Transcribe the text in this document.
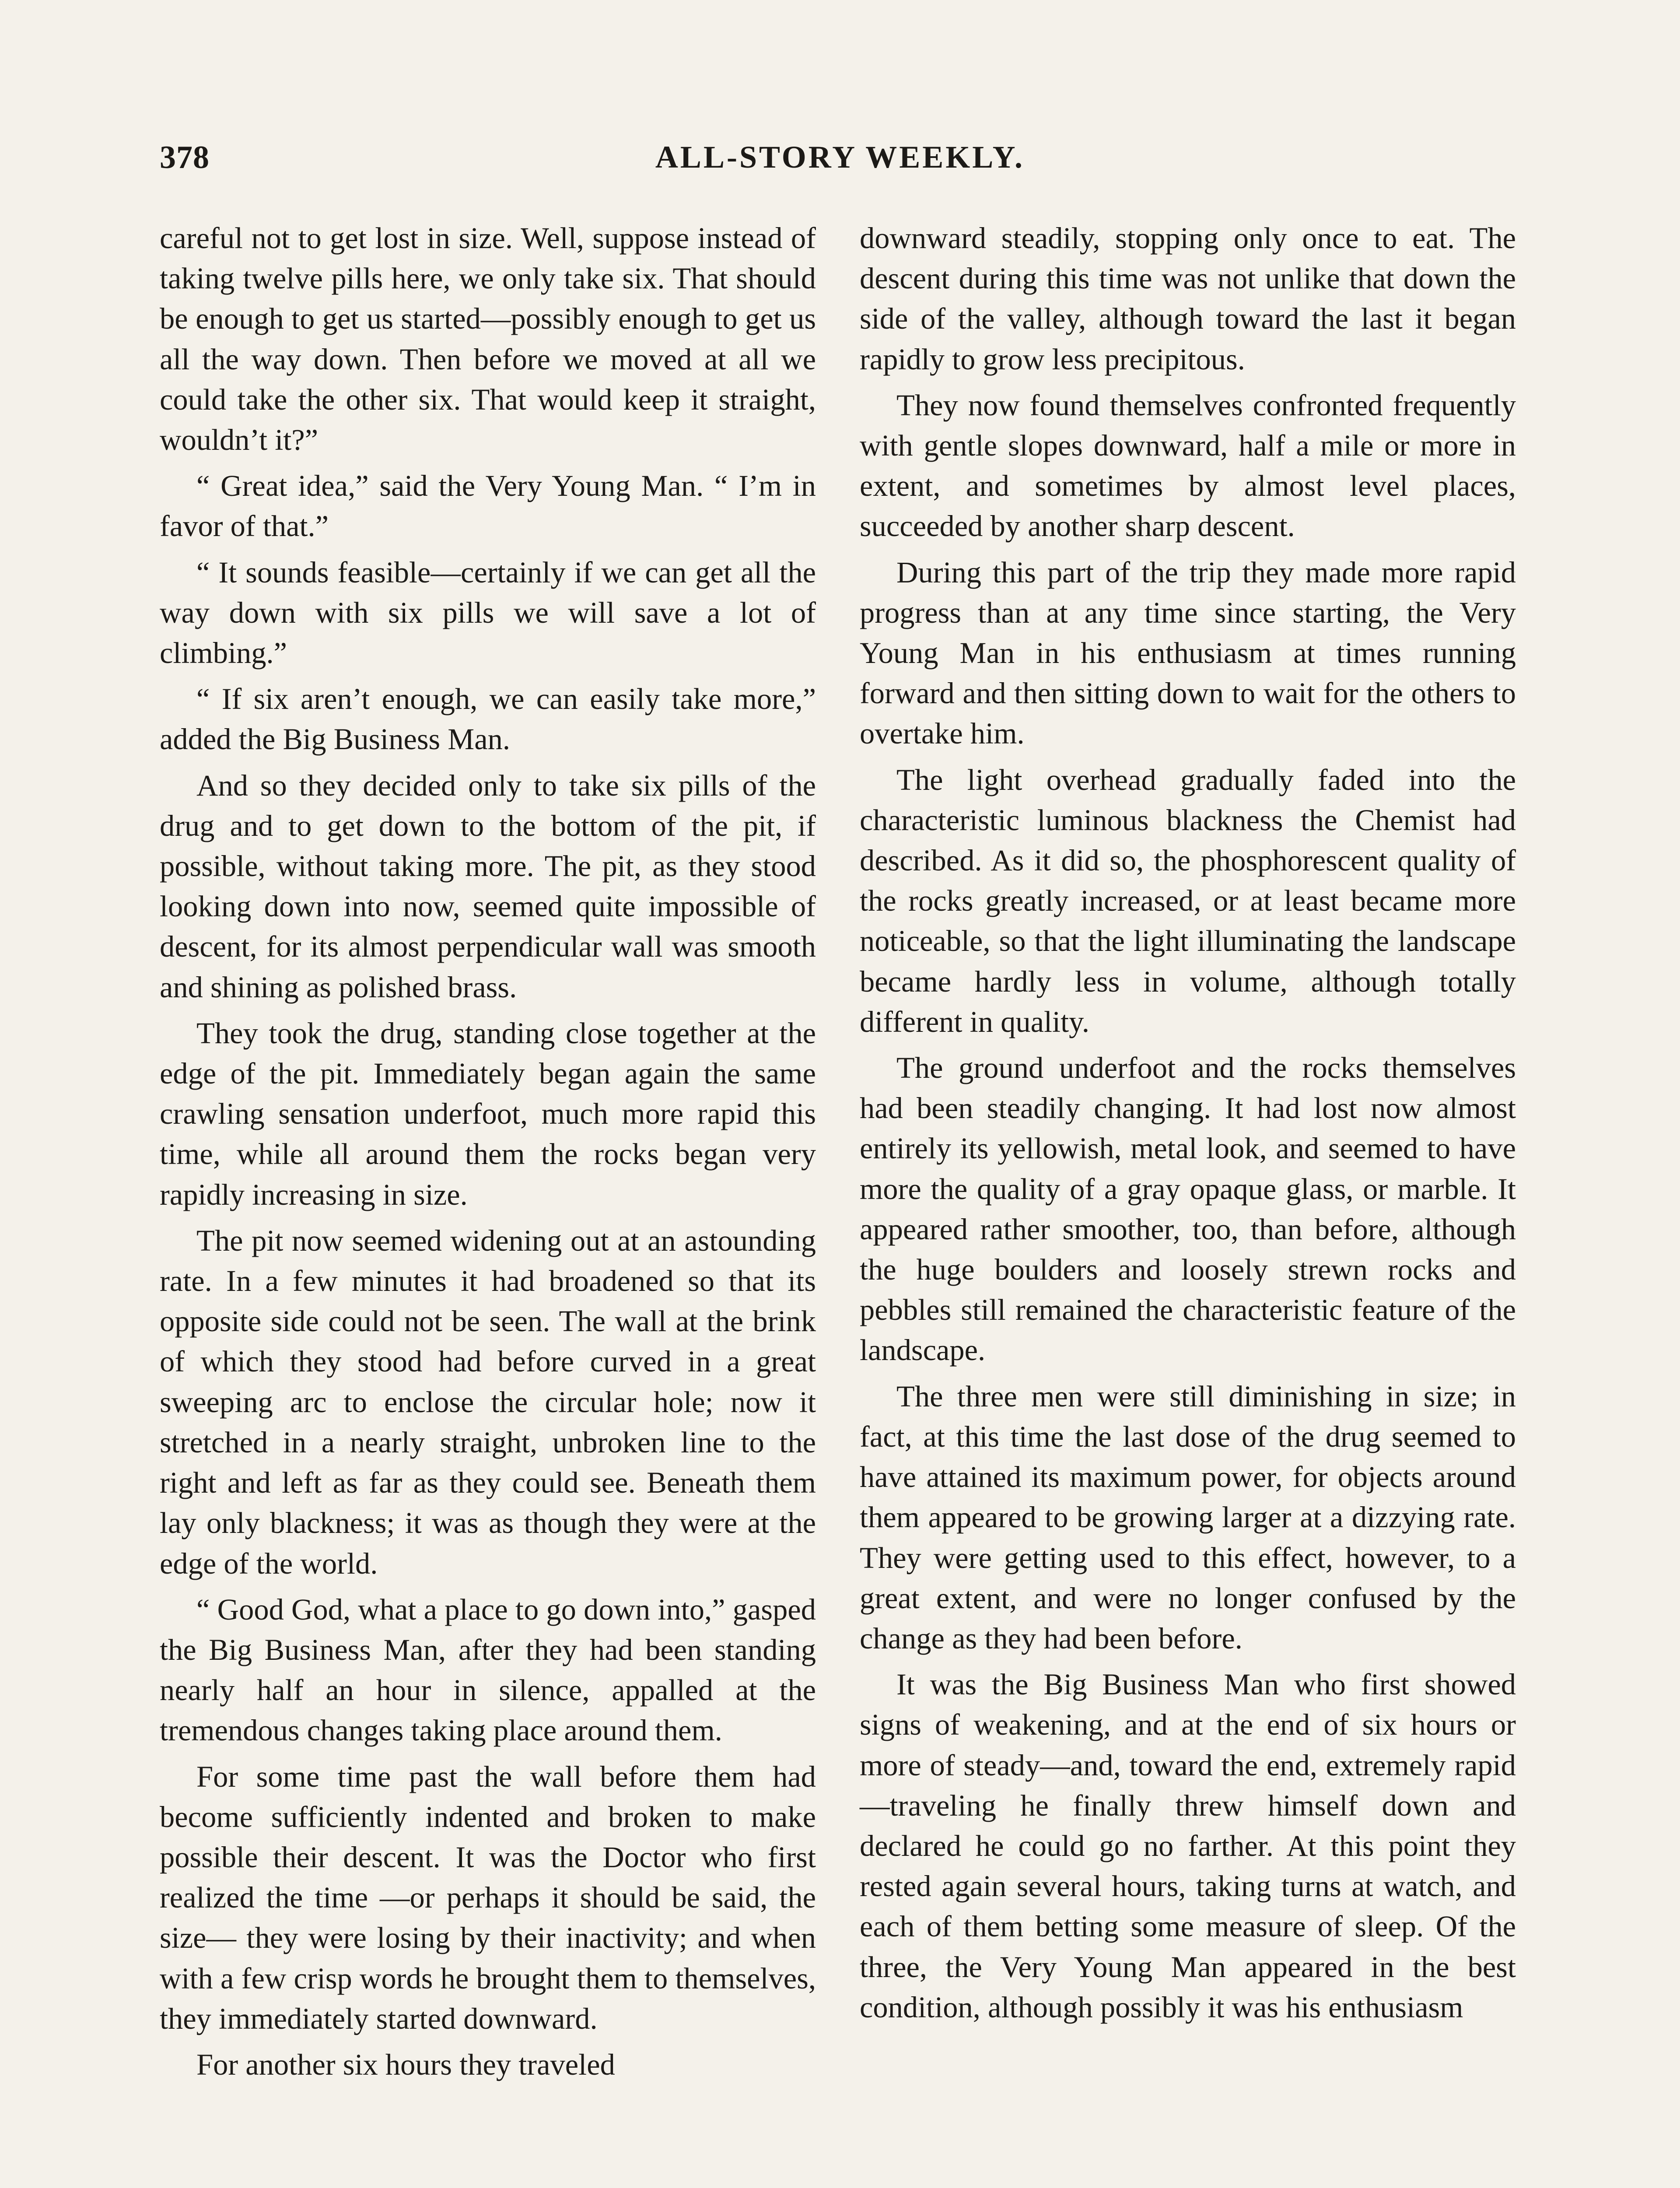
378	ALL-STORY WEEKLY.

careful not to get lost in size. Well, suppose instead of taking twelve pills here, we only take six. That should be enough to get us started—possibly enough to get us all the way down. Then before we moved at all we could take the other six. That would keep it straight, wouldn’t it?”

“ Great idea,” said the Very Young Man. “ I’m in favor of that.”

“ It sounds feasible—certainly if we can get all the way down with six pills we will save a lot of climbing.”

“ If six aren’t enough, we can easily take more,” added the Big Business Man.

And so they decided only to take six pills of the drug and to get down to the bottom of the pit, if possible, without taking more. The pit, as they stood looking down into now, seemed quite impossible of descent, for its almost perpendicular wall was smooth and shining as polished brass.

They took the drug, standing close together at the edge of the pit. Immediately began again the same crawling sensation underfoot, much more rapid this time, while all around them the rocks began very rapidly increasing in size.

The pit now seemed widening out at an astounding rate. In a few minutes it had broadened so that its opposite side could not be seen. The wall at the brink of which they stood had before curved in a great sweeping arc to enclose the circular hole; now it stretched in a nearly straight, unbroken line to the right and left as far as they could see. Beneath them lay only blackness; it was as though they were at the edge of the world.

“ Good God, what a place to go down into,” gasped the Big Business Man, after they had been standing nearly half an hour in silence, appalled at the tremendous changes taking place around them.

For some time past the wall before them had become sufficiently indented and broken to make possible their descent. It was the Doctor who first realized the time —or perhaps it should be said, the size— they were losing by their inactivity; and when with a few crisp words he brought them to themselves, they immediately started downward.

For another six hours they traveled

downward steadily, stopping only once to eat. The descent during this time was not unlike that down the side of the valley, although toward the last it began rapidly to grow less precipitous.

They now found themselves confronted frequently with gentle slopes downward, half a mile or more in extent, and sometimes by almost level places, succeeded by another sharp descent.

During this part of the trip they made more rapid progress than at any time since starting, the Very Young Man in his enthusiasm at times running forward and then sitting down to wait for the others to overtake him.

The light overhead gradually faded into the characteristic luminous blackness the Chemist had described. As it did so, the phosphorescent quality of the rocks greatly increased, or at least became more noticeable, so that the light illuminating the landscape became hardly less in volume, although totally different in quality.

The ground underfoot and the rocks themselves had been steadily changing. It had lost now almost entirely its yellowish, metal look, and seemed to have more the quality of a gray opaque glass, or marble. It appeared rather smoother, too, than before, although the huge boulders and loosely strewn rocks and pebbles still remained the characteristic feature of the landscape.

The three men were still diminishing in size; in fact, at this time the last dose of the drug seemed to have attained its maximum power, for objects around them appeared to be growing larger at a dizzying rate. They were getting used to this effect, however, to a great extent, and were no longer confused by the change as they had been before.

It was the Big Business Man who first showed signs of weakening, and at the end of six hours or more of steady—and, toward the end, extremely rapid—traveling he finally threw himself down and declared he could go no farther. At this point they rested again several hours, taking turns at watch, and each of them betting some measure of sleep. Of the three, the Very Young Man appeared in the best condition, although possibly it was his enthusiasm
